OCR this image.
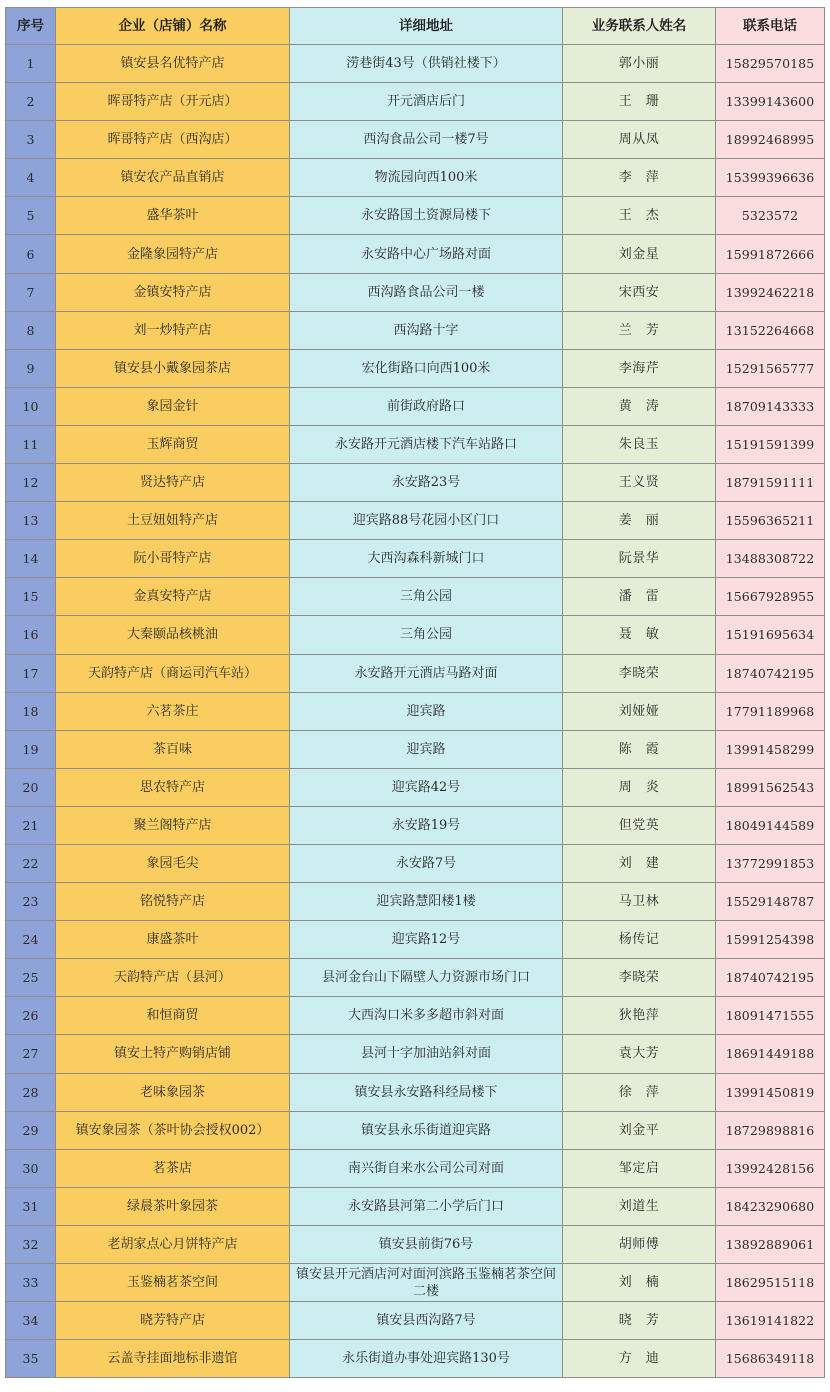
序号	企业（店铺）名称	详细地址	业务联系人姓名	联系电话
1	镇安县名优特产店	涝巷街43号（供销社楼下）	郭小丽	15829570185
2	晖哥特产店（开元店）	开元酒店后门	王　珊	13399143600
3	晖哥特产店（西沟店）	西沟食品公司一楼7号	周从凤	18992468995
4	镇安农产品直销店	物流园向西100米	李　萍	15399396636
5	盛华茶叶	永安路国土资源局楼下	王　杰	5323572
6	金隆象园特产店	永安路中心广场路对面	刘金星	15991872666
7	金镇安特产店	西沟路食品公司一楼	宋西安	13992462218
8	刘一炒特产店	西沟路十字	兰　芳	13152264668
9	镇安县小戴象园茶店	宏化街路口向西100米	李海芹	15291565777
10	象园金针	前街政府路口	黄　涛	18709143333
11	玉辉商贸	永安路开元酒店楼下汽车站路口	朱良玉	15191591399
12	贤达特产店	永安路23号	王义贤	18791591111
13	土豆妞妞特产店	迎宾路88号花园小区门口	姜　丽	15596365211
14	阮小哥特产店	大西沟森科新城门口	阮景华	13488308722
15	金真安特产店	三角公园	潘　雷	15667928955
16	大秦颐品核桃油	三角公园	聂　敏	15191695634
17	天韵特产店（商运司汽车站）	永安路开元酒店马路对面	李晓荣	18740742195
18	六茗茶庄	迎宾路	刘娅娅	17791189968
19	茶百味	迎宾路	陈　霞	13991458299
20	思农特产店	迎宾路42号	周　炎	18991562543
21	聚兰阁特产店	永安路19号	但党英	18049144589
22	象园毛尖	永安路7号	刘　建	13772991853
23	铭悦特产店	迎宾路慧阳楼1楼	马卫林	15529148787
24	康盛茶叶	迎宾路12号	杨传记	15991254398
25	天韵特产店（县河）	县河金台山下隔壁人力资源市场门口	李晓荣	18740742195
26	和恒商贸	大西沟口米多多超市斜对面	狄艳萍	18091471555
27	镇安土特产购销店铺	县河十字加油站斜对面	袁大芳	18691449188
28	老味象园茶	镇安县永安路科经局楼下	徐　萍	13991450819
29	镇安象园茶（茶叶协会授权002）	镇安县永乐街道迎宾路	刘金平	18729898816
30	茗茶店	南兴街自来水公司公司对面	邹定启	13992428156
31	绿晨茶叶象园茶	永安路县河第二小学后门口	刘道生	18423290680
32	老胡家点心月饼特产店	镇安县前街76号	胡师傅	13892889061
33	玉鉴楠茗茶空间	镇安县开元酒店河对面河滨路玉鉴楠茗茶空间二楼	刘　楠	18629515118
34	晓芳特产店	镇安县西沟路7号	晓　芳	13619141822
35	云盖寺挂面地标非遗馆	永乐街道办事处迎宾路130号	方　迪	15686349118
